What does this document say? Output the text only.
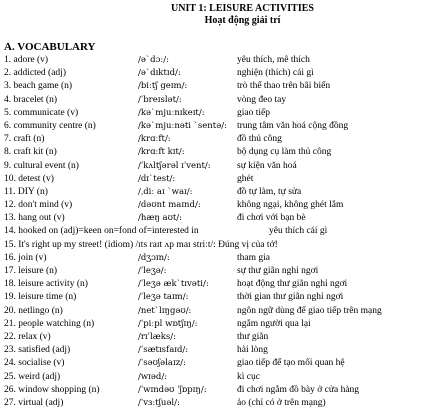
UNIT 1: LEISURE ACTIVITIES
Hoạt động giải trí
A. VOCABULARY
1. adore (v)	/ə`dɔː/:	yêu thích, mê thích
2. addicted (adj)	/ə`dɪktɪd/:	nghiện (thích) cái gì
3. beach game (n)	/biːtʃ geɪm/:	trò thể thao trên bãi biển
4. bracelet (n)	/ˈbreɪslət/:	vòng đeo tay
5. communicate (v)	/kə`mjuːnɪkeɪt/:	giao tiếp
6. community centre (n)	/kə`mjuːnəti `sentə/: trung tâm văn hoá cộng đồng
7. craft (n)	/krɑːft/:	đồ thủ công
8. craft kit (n)	/krɑːft kɪt/:	bộ dụng cụ làm thủ công
9. cultural event (n)	/ˈkʌltʃərəl ɪˈvent/:	sự kiện văn hoá
10. detest (v)	/dɪ`test/:	ghét
11. DIY (n)	/ˌdiː aɪ `waɪ/:	đồ tự làm, tự sửa
12. don't mind (v)	/dəʊnt maɪnd/:	không ngại, không ghét lắm
13. hang out (v)	/hæŋ aʊt/:	đi chơi với bạn bè
14. hooked on (adj)=keen on=fond of=interested in	yêu thích cái gì
15. It's right up my street! (idiom) /ɪts raɪt ʌp maɪ striːt/: Đúng vị của tớ!
16. join (v)	/dʒɔɪn/:	tham gia
17. leisure (n)	/ˈleʒə/:	sự thư giãn nghỉ ngơi
18. leisure activity (n)	/ˈleʒə æk`tɪvəti/:	hoạt động thư giãn nghỉ ngơi
19. leisure time (n)	/ˈleʒə taɪm/:	thời gian thư giãn nghỉ ngơi
20. netlingo (n)	/net`lɪŋgəʊ/:	ngôn ngữ dùng để giao tiếp trên mạng
21. people watching (n)	/ˈpiːpl wɒtʃɪŋ/:	ngắm người qua lại
22. relax (v)	/rɪˈlæks/:	thư giãn
23. satisfied (adj)	/ˈsætɪsfaɪd/:	hài lòng
24. socialise (v)	/ˈsəʊʃəlaɪz/:	giao tiếp để tạo mối quan hệ
25. weird (adj)	/wɪəd/:	kì cục
26. window shopping (n)	/ˈwɪndəʊ ˈʃɒpɪŋ/:	đi chơi ngắm đồ bày ở cửa hàng
27. virtual (adj)	/ˈvɜːtʃuəl/:	ảo (chỉ có ở trên mạng)
